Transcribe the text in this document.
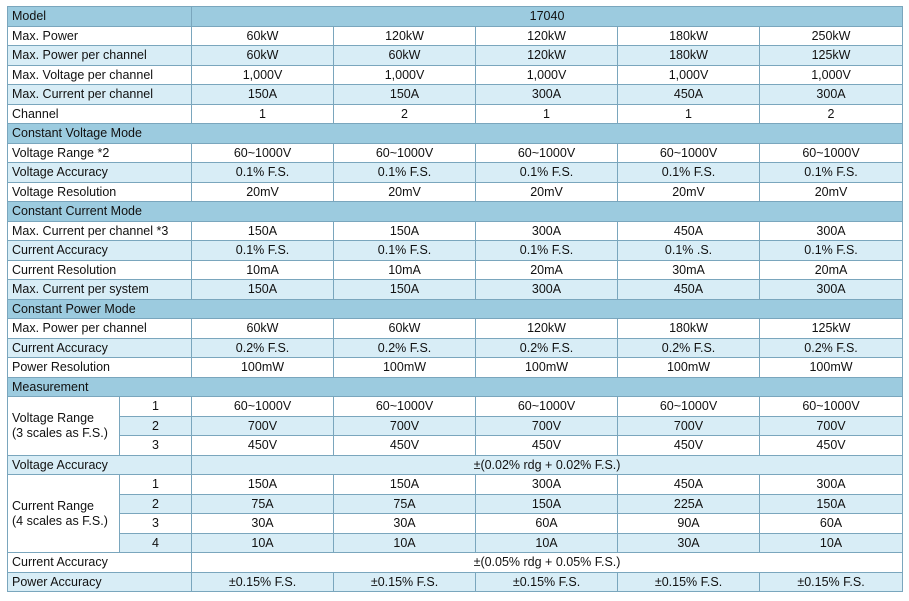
Model		17040				
Max. Power		60kW	120kW	120kW	180kW	250kW
Max. Power per channel		60kW	60kW	120kW	180kW	125kW
Max. Voltage per channel		1,000V	1,000V	1,000V	1,000V	1,000V
Max. Current per channel		150A	150A	300A	450A	300A
Channel		1	2	1	1	2
Constant Voltage Mode						
Voltage Range *2		60~1000V	60~1000V	60~1000V	60~1000V	60~1000V
Voltage Accuracy		0.1% F.S.	0.1% F.S.	0.1% F.S.	0.1% F.S.	0.1% F.S.
Voltage Resolution		20mV	20mV	20mV	20mV	20mV
Constant Current Mode						
Max. Current per channel *3		150A	150A	300A	450A	300A
Current Accuracy		0.1% F.S.	0.1% F.S.	0.1% F.S.	0.1% .S.	0.1% F.S.
Current Resolution		10mA	10mA	20mA	30mA	20mA
Max. Current per system		150A	150A	300A	450A	300A
Constant Power Mode						
Max. Power per channel		60kW	60kW	120kW	180kW	125kW
Current Accuracy		0.2% F.S.	0.2% F.S.	0.2% F.S.	0.2% F.S.	0.2% F.S.
Power Resolution		100mW	100mW	100mW	100mW	100mW
Measurement						
Voltage Range
(3 scales as F.S.)	1	60~1000V	60~1000V	60~1000V	60~1000V	60~1000V
	2	700V	700V	700V	700V	700V
	3	450V	450V	450V	450V	450V
Voltage Accuracy		±(0.02% rdg + 0.02% F.S.)				
Current Range
(4 scales as F.S.)	1	150A	150A	300A	450A	300A
	2	75A	75A	150A	225A	150A
	3	30A	30A	60A	90A	60A
	4	10A	10A	10A	30A	10A
Current Accuracy		±(0.05% rdg + 0.05% F.S.)				
Power Accuracy		±0.15% F.S.	±0.15% F.S.	±0.15% F.S.	±0.15% F.S.	±0.15% F.S.
